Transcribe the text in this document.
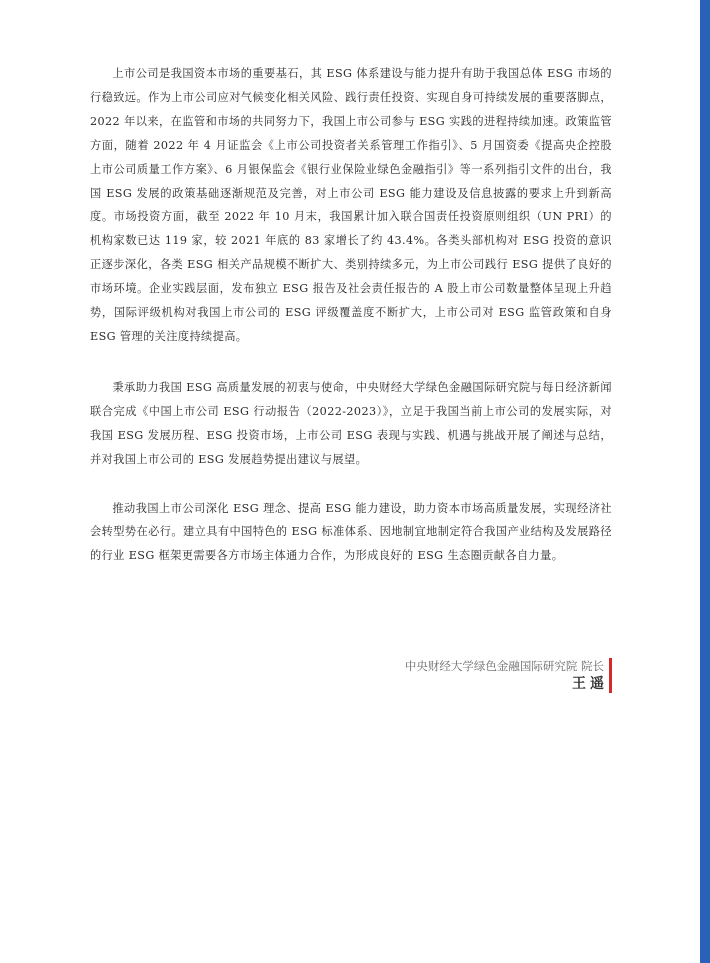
上市公司是我国资本市场的重要基石，其 ESG 体系建设与能力提升有助于我国总体 ESG 市场的行稳致远。作为上市公司应对气候变化相关风险、践行责任投资、实现自身可持续发展的重要落脚点，2022 年以来，在监管和市场的共同努力下，我国上市公司参与 ESG 实践的进程持续加速。政策监管方面，随着 2022 年 4 月证监会《上市公司投资者关系管理工作指引》、5 月国资委《提高央企控股上市公司质量工作方案》、6 月银保监会《银行业保险业绿色金融指引》等一系列指引文件的出台，我国 ESG 发展的政策基础逐渐规范及完善，对上市公司 ESG 能力建设及信息披露的要求上升到新高度。市场投资方面，截至 2022 年 10 月末，我国累计加入联合国责任投资原则组织（UN PRI）的机构家数已达 119 家，较 2021 年底的 83 家增长了约 43.4%。各类头部机构对 ESG 投资的意识正逐步深化，各类 ESG 相关产品规模不断扩大、类别持续多元，为上市公司践行 ESG 提供了良好的市场环境。企业实践层面，发布独立 ESG 报告及社会责任报告的 A 股上市公司数量整体呈现上升趋势，国际评级机构对我国上市公司的 ESG 评级覆盖度不断扩大，上市公司对 ESG 监管政策和自身 ESG 管理的关注度持续提高。

秉承助力我国 ESG 高质量发展的初衷与使命，中央财经大学绿色金融国际研究院与每日经济新闻联合完成《中国上市公司 ESG 行动报告（2022-2023）》，立足于我国当前上市公司的发展实际，对我国 ESG 发展历程、ESG 投资市场，上市公司 ESG 表现与实践、机遇与挑战开展了阐述与总结，并对我国上市公司的 ESG 发展趋势提出建议与展望。

推动我国上市公司深化 ESG 理念、提高 ESG 能力建设，助力资本市场高质量发展，实现经济社会转型势在必行。建立具有中国特色的 ESG 标准体系、因地制宜地制定符合我国产业结构及发展路径的行业 ESG 框架更需要各方市场主体通力合作，为形成良好的 ESG 生态圈贡献各自力量。

中央财经大学绿色金融国际研究院 院长
王遥
